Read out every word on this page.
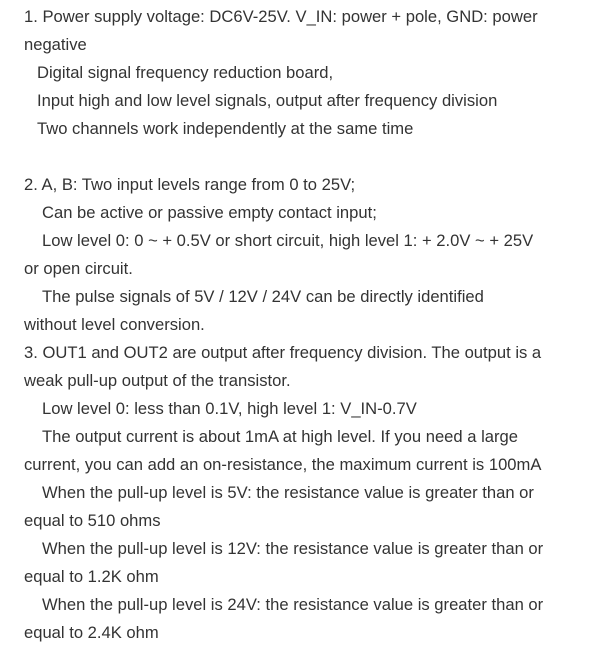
1. Power supply voltage: DC6V-25V. V_IN: power + pole, GND: power
negative
Digital signal frequency reduction board,
Input high and low level signals, output after frequency division
Two channels work independently at the same time
2. A, B: Two input levels range from 0 to 25V;
Can be active or passive empty contact input;
Low level 0: 0 ~ + 0.5V or short circuit, high level 1: + 2.0V ~ + 25V
or open circuit.
The pulse signals of 5V / 12V / 24V can be directly identified
without level conversion.
3. OUT1 and OUT2 are output after frequency division. The output is a
weak pull-up output of the transistor.
Low level 0: less than 0.1V, high level 1: V_IN-0.7V
The output current is about 1mA at high level. If you need a large
current, you can add an on-resistance, the maximum current is 100mA
When the pull-up level is 5V: the resistance value is greater than or
equal to 510 ohms
When the pull-up level is 12V: the resistance value is greater than or
equal to 1.2K ohm
When the pull-up level is 24V: the resistance value is greater than or
equal to 2.4K ohm
